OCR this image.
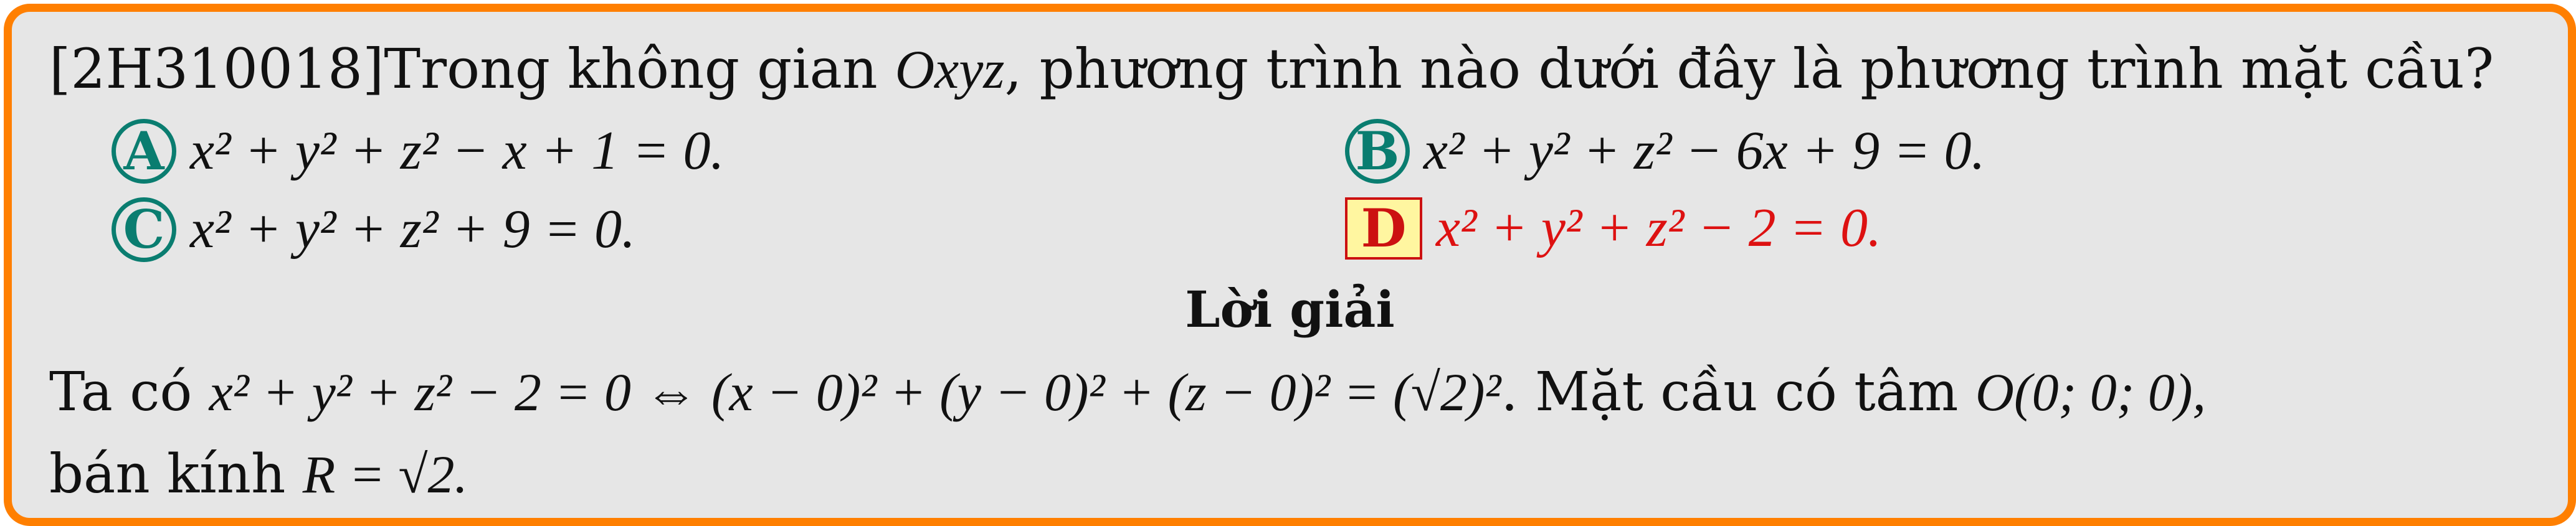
[2H310018]Trong không gian Oxyz, phương trình nào dưới đây là phương trình mặt cầu?
A x² + y² + z² − x + 1 = 0.	B x² + y² + z² − 6x + 9 = 0.
C x² + y² + z² + 9 = 0.	D x² + y² + z² − 2 = 0.
Lời giải
Ta có x² + y² + z² − 2 = 0 ⇔ (x − 0)² + (y − 0)² + (z − 0)² = (√2)². Mặt cầu có tâm O(0; 0; 0),
bán kính R = √2.
